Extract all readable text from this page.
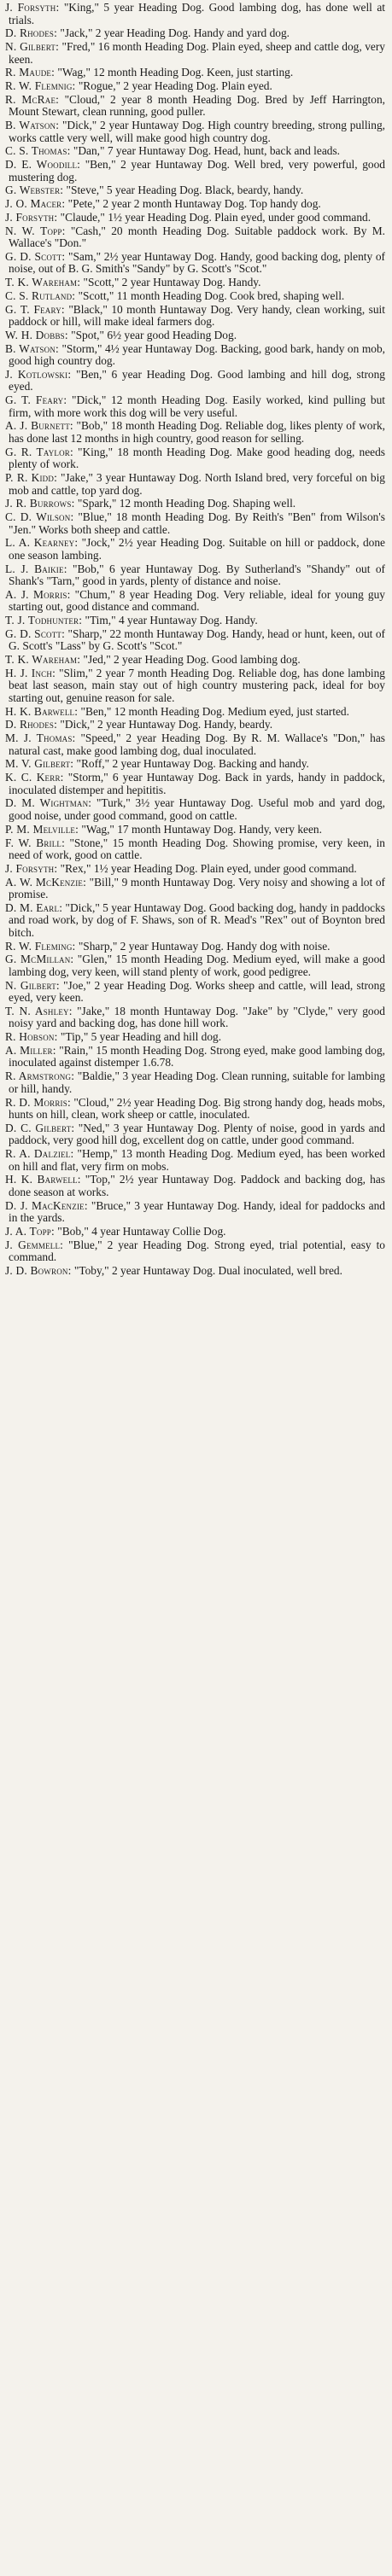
J. Forsyth: "King," 5 year Heading Dog. Good lambing dog, has done well at trials.

D. Rhodes: "Jack," 2 year Heading Dog. Handy and yard dog.

N. Gilbert: "Fred," 16 month Heading Dog. Plain eyed, sheep and cattle dog, very keen.

R. Maude: "Wag," 12 month Heading Dog. Keen, just starting.

R. W. Flemnig: "Rogue," 2 year Heading Dog. Plain eyed.

R. McRae: "Cloud," 2 year 8 month Heading Dog. Bred by Jeff Harrington, Mount Stewart, clean running, good puller.

B. Watson: "Dick," 2 year Huntaway Dog. High country breeding, strong pulling, works cattle very well, will make good high country dog.

C. S. Thomas: "Dan," 7 year Huntaway Dog. Head, hunt, back and leads.

D. E. Woodill: "Ben," 2 year Huntaway Dog. Well bred, very powerful, good mustering dog.

G. Webster: "Steve," 5 year Heading Dog. Black, beardy, handy.

J. O. Macer: "Pete," 2 year 2 month Huntaway Dog. Top handy dog.

J. Forsyth: "Claude," 1½ year Heading Dog. Plain eyed, under good command.

N. W. Topp: "Cash," 20 month Heading Dog. Suitable paddock work. By M. Wallace's "Don."

G. D. Scott: "Sam," 2½ year Huntaway Dog. Handy, good backing dog, plenty of noise, out of B. G. Smith's "Sandy" by G. Scott's "Scot."

T. K. Wareham: "Scott," 2 year Huntaway Dog. Handy.

C. S. Rutland: "Scott," 11 month Heading Dog. Cook bred, shaping well.

G. T. Feary: "Black," 10 month Huntaway Dog. Very handy, clean working, suit paddock or hill, will make ideal farmers dog.

W. H. Dobbs: "Spot," 6½ year good Heading Dog.

B. Watson: "Storm," 4½ year Huntaway Dog. Backing, good bark, handy on mob, good high country dog.

J. Kotlowski: "Ben," 6 year Heading Dog. Good lambing and hill dog, strong eyed.

G. T. Feary: "Dick," 12 month Heading Dog. Easily worked, kind pulling but firm, with more work this dog will be very useful.

A. J. Burnett: "Bob," 18 month Heading Dog. Reliable dog, likes plenty of work, has done last 12 months in high country, good reason for selling.

G. R. Taylor: "King," 18 month Heading Dog. Make good heading dog, needs plenty of work.

P. R. Kidd: "Jake," 3 year Huntaway Dog. North Island bred, very forceful on big mob and cattle, top yard dog.

J. R. Burrows: "Spark," 12 month Heading Dog. Shaping well.

C. D. Wilson: "Blue," 18 month Heading Dog. By Reith's "Ben" from Wilson's "Jen." Works both sheep and cattle.

L. A. Kearney: "Jock," 2½ year Heading Dog. Suitable on hill or paddock, done one season lambing.

L. J. Baikie: "Bob," 6 year Huntaway Dog. By Sutherland's "Shandy" out of Shank's "Tarn," good in yards, plenty of distance and noise.

A. J. Morris: "Chum," 8 year Heading Dog. Very reliable, ideal for young guy starting out, good distance and command.

T. J. Todhunter: "Tim," 4 year Huntaway Dog. Handy.

G. D. Scott: "Sharp," 22 month Huntaway Dog. Handy, head or hunt, keen, out of G. Scott's "Lass" by G. Scott's "Scot."

T. K. Wareham: "Jed," 2 year Heading Dog. Good lambing dog.

H. J. Inch: "Slim," 2 year 7 month Heading Dog. Reliable dog, has done lambing beat last season, main stay out of high country mustering pack, ideal for boy starting out, genuine reason for sale.

H. K. Barwell: "Ben," 12 month Heading Dog. Medium eyed, just started.

D. Rhodes: "Dick," 2 year Huntaway Dog. Handy, beardy.

M. J. Thomas: "Speed," 2 year Heading Dog. By R. M. Wallace's "Don," has natural cast, make good lambing dog, dual inoculated.

M. V. Gilbert: "Roff," 2 year Huntaway Dog. Backing and handy.

K. C. Kerr: "Storm," 6 year Huntaway Dog. Back in yards, handy in paddock, inoculated distemper and hepititis.

D. M. Wightman: "Turk," 3½ year Huntaway Dog. Useful mob and yard dog, good noise, under good command, good on cattle.

P. M. Melville: "Wag," 17 month Huntaway Dog. Handy, very keen.

F. W. Brill: "Stone," 15 month Heading Dog. Showing promise, very keen, in need of work, good on cattle.

J. Forsyth: "Rex," 1½ year Heading Dog. Plain eyed, under good command.

A. W. McKenzie: "Bill," 9 month Huntaway Dog. Very noisy and showing a lot of promise.

D. M. Earl: "Dick," 5 year Huntaway Dog. Good backing dog, handy in paddocks and road work, by dog of F. Shaws, son of R. Mead's "Rex" out of Boynton bred bitch.

R. W. Fleming: "Sharp," 2 year Huntaway Dog. Handy dog with noise.

G. McMillan: "Glen," 15 month Heading Dog. Medium eyed, will make a good lambing dog, very keen, will stand plenty of work, good pedigree.

N. Gilbert: "Joe," 2 year Heading Dog. Works sheep and cattle, will lead, strong eyed, very keen.

T. N. Ashley: "Jake," 18 month Huntaway Dog. "Jake" by "Clyde," very good noisy yard and backing dog, has done hill work.

R. Hobson: "Tip," 5 year Heading and hill dog.

A. Miller: "Rain," 15 month Heading Dog. Strong eyed, make good lambing dog, inoculated against distemper 1.6.78.

R. Armstrong: "Baldie," 3 year Heading Dog. Clean running, suitable for lambing or hill, handy.

R. D. Morris: "Cloud," 2½ year Heading Dog. Big strong handy dog, heads mobs, hunts on hill, clean, work sheep or cattle, inoculated.

D. C. Gilbert: "Ned," 3 year Huntaway Dog. Plenty of noise, good in yards and paddock, very good hill dog, excellent dog on cattle, under good command.

R. A. Dalziel: "Hemp," 13 month Heading Dog. Medium eyed, has been worked on hill and flat, very firm on mobs.

H. K. Barwell: "Top," 2½ year Huntaway Dog. Paddock and backing dog, has done season at works.

D. J. MacKenzie: "Bruce," 3 year Huntaway Dog. Handy, ideal for paddocks and in the yards.

J. A. Topp: "Bob," 4 year Huntaway Collie Dog.

J. Gemmell: "Blue," 2 year Heading Dog. Strong eyed, trial potential, easy to command.

J. D. Bowron: "Toby," 2 year Huntaway Dog. Dual inoculated, well bred.
